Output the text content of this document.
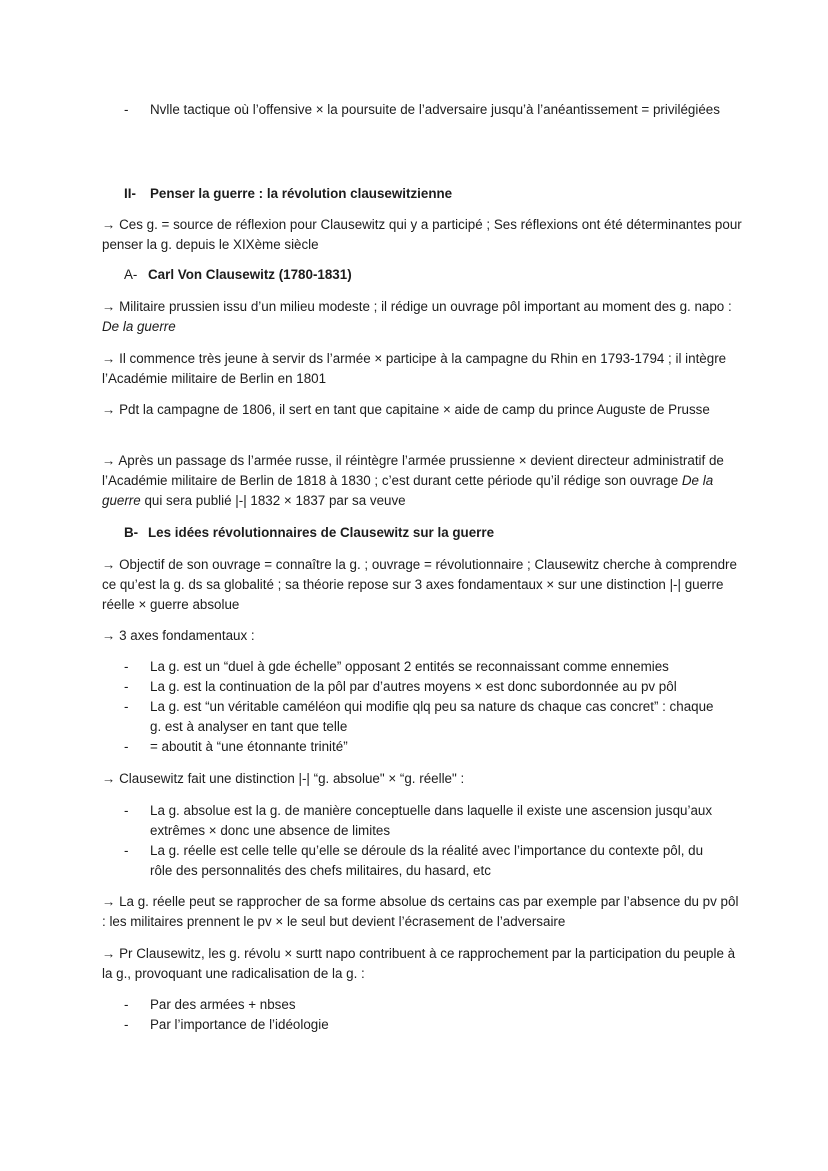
- Nvlle tactique où l’offensive × la poursuite de l’adversaire jusqu’à l’anéantissement = privilégiées

II- Penser la guerre : la révolution clausewitzienne

→ Ces g. = source de réflexion pour Clausewitz qui y a participé ; Ses réflexions ont été déterminantes pour penser la g. depuis le XIXème siècle

A- Carl Von Clausewitz (1780-1831)

→ Militaire prussien issu d’un milieu modeste ; il rédige un ouvrage pôl important au moment des g. napo : De la guerre

→ Il commence très jeune à servir ds l’armée × participe à la campagne du Rhin en 1793-1794 ; il intègre l’Académie militaire de Berlin en 1801

→ Pdt la campagne de 1806, il sert en tant que capitaine × aide de camp du prince Auguste de Prusse

→ Après un passage ds l’armée russe, il réintègre l’armée prussienne × devient directeur administratif de l’Académie militaire de Berlin de 1818 à 1830 ; c’est durant cette période qu’il rédige son ouvrage De la guerre qui sera publié |-| 1832 × 1837 par sa veuve

B- Les idées révolutionnaires de Clausewitz sur la guerre

→ Objectif de son ouvrage = connaître la g. ; ouvrage = révolutionnaire ; Clausewitz cherche à comprendre ce qu’est la g. ds sa globalité ; sa théorie repose sur 3 axes fondamentaux × sur une distinction |-| guerre réelle × guerre absolue

→ 3 axes fondamentaux :

- La g. est un “duel à gde échelle” opposant 2 entités se reconnaissant comme ennemies
- La g. est la continuation de la pôl par d’autres moyens × est donc subordonnée au pv pôl
- La g. est “un véritable caméléon qui modifie qlq peu sa nature ds chaque cas concret” : chaque g. est à analyser en tant que telle
- = aboutit à “une étonnante trinité”

→ Clausewitz fait une distinction |-| “g. absolue" × “g. réelle" :

- La g. absolue est la g. de manière conceptuelle dans laquelle il existe une ascension jusqu’aux extrêmes × donc une absence de limites
- La g. réelle est celle telle qu’elle se déroule ds la réalité avec l’importance du contexte pôl, du rôle des personnalités des chefs militaires, du hasard, etc

→ La g. réelle peut se rapprocher de sa forme absolue ds certains cas par exemple par l’absence du pv pôl : les militaires prennent le pv × le seul but devient l’écrasement de l’adversaire

→ Pr Clausewitz, les g. révolu × surtt napo contribuent à ce rapprochement par la participation du peuple à la g., provoquant une radicalisation de la g. :

- Par des armées + nbses
- Par l’importance de l’idéologie
